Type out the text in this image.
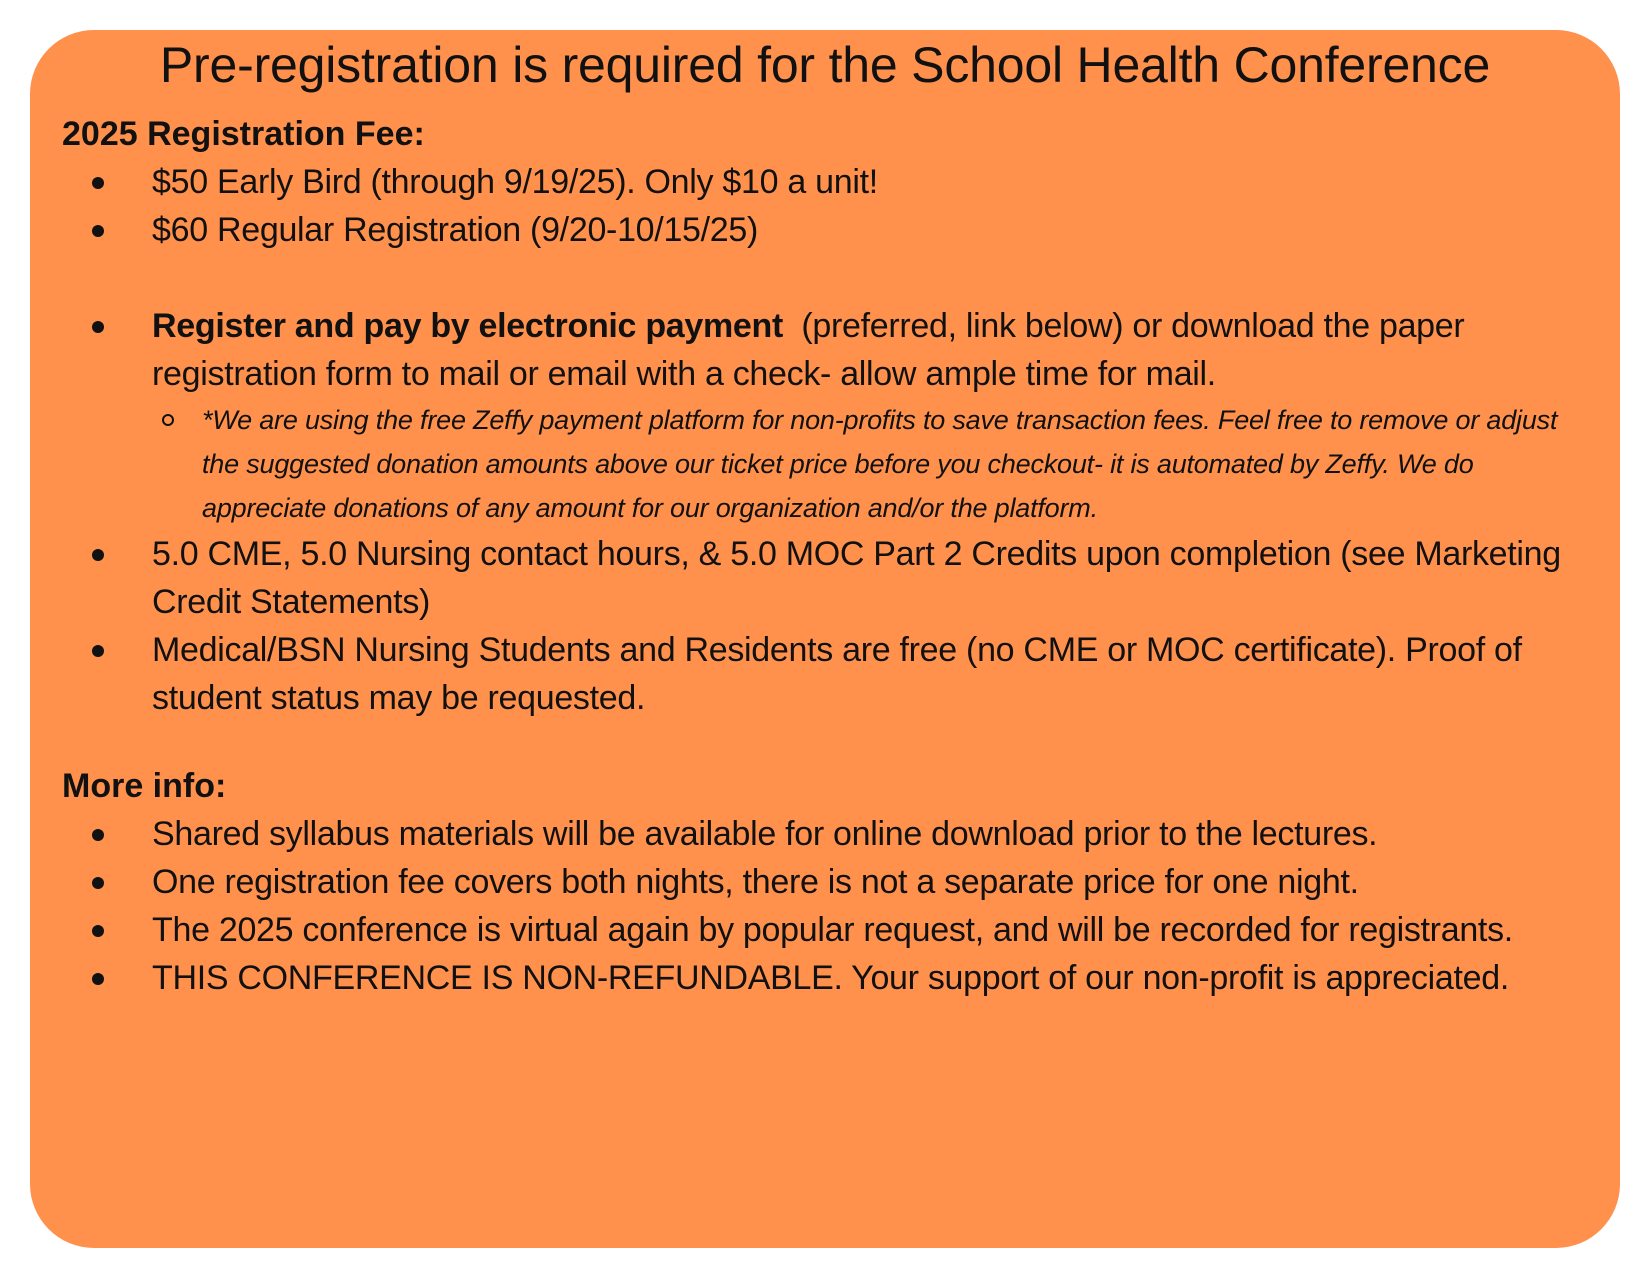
Pre-registration is required for the School Health Conference

2025 Registration Fee:

$50 Early Bird (through 9/19/25). Only $10 a unit!
$60 Regular Registration (9/20-10/15/25)
Register and pay by electronic payment  (preferred, link below) or download the paper registration form to mail or email with a check- allow ample time for mail.
*We are using the free Zeffy payment platform for non-profits to save transaction fees. Feel free to remove or adjust the suggested donation amounts above our ticket price before you checkout- it is automated by Zeffy. We do appreciate donations of any amount for our organization and/or the platform.
5.0 CME, 5.0 Nursing contact hours, & 5.0 MOC Part 2 Credits upon completion (see Marketing Credit Statements)
Medical/BSN Nursing Students and Residents are free (no CME or MOC certificate). Proof of student status may be requested.

More info:

Shared syllabus materials will be available for online download prior to the lectures.
One registration fee covers both nights, there is not a separate price for one night.
The 2025 conference is virtual again by popular request, and will be recorded for registrants.
THIS CONFERENCE IS NON-REFUNDABLE. Your support of our non-profit is appreciated.
